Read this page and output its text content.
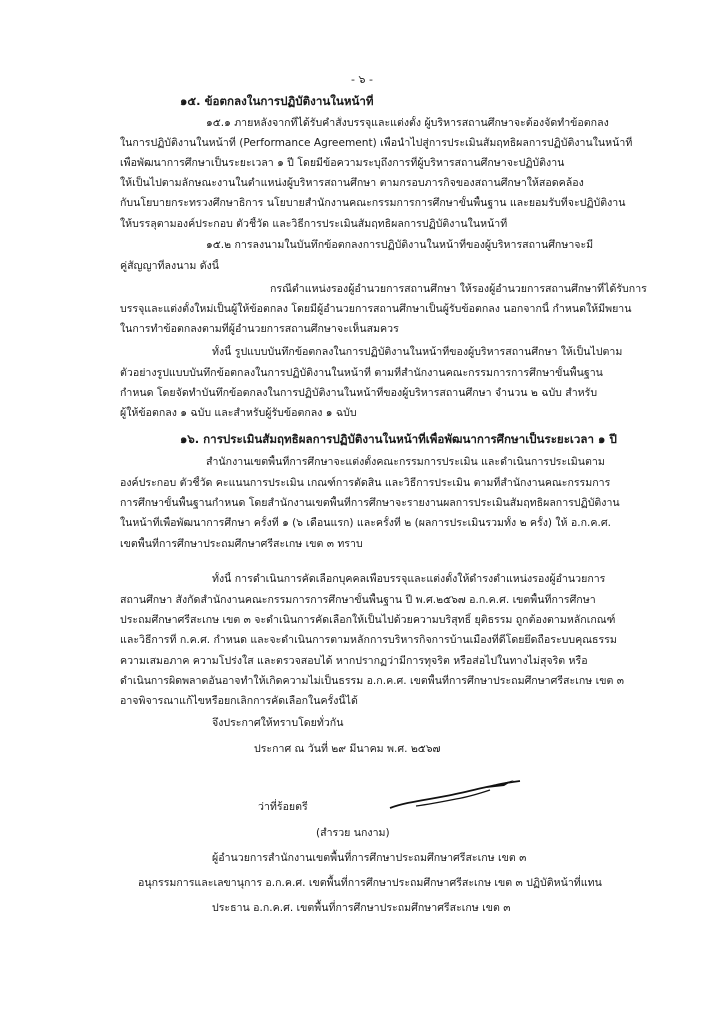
- ๖ -
๑๕. ข้อตกลงในการปฏิบัติงานในหน้าที่
๑๕.๑ ภายหลังจากที่ได้รับคำสั่งบรรจุและแต่งตั้ง ผู้บริหารสถานศึกษาจะต้องจัดทำข้อตกลง
ในการปฏิบัติงานในหน้าที่ (Performance Agreement) เพื่อนำไปสู่การประเมินสัมฤทธิผลการปฏิบัติงานในหน้าที่
เพื่อพัฒนาการศึกษาเป็นระยะเวลา ๑ ปี โดยมีข้อความระบุถึงการที่ผู้บริหารสถานศึกษาจะปฏิบัติงาน
ให้เป็นไปตามลักษณะงานในตำแหน่งผู้บริหารสถานศึกษา ตามกรอบภารกิจของสถานศึกษาให้สอดคล้อง
กับนโยบายกระทรวงศึกษาธิการ นโยบายสำนักงานคณะกรรมการการศึกษาขั้นพื้นฐาน และยอมรับที่จะปฏิบัติงาน
ให้บรรลุตามองค์ประกอบ ตัวชี้วัด และวิธีการประเมินสัมฤทธิผลการปฏิบัติงานในหน้าที่
๑๕.๒ การลงนามในบันทึกข้อตกลงการปฏิบัติงานในหน้าที่ของผู้บริหารสถานศึกษาจะมี
คู่สัญญาที่ลงนาม ดังนี้
กรณีตำแหน่งรองผู้อำนวยการสถานศึกษา ให้รองผู้อำนวยการสถานศึกษาที่ได้รับการ
บรรจุและแต่งตั้งใหม่เป็นผู้ให้ข้อตกลง โดยมีผู้อำนวยการสถานศึกษาเป็นผู้รับข้อตกลง นอกจากนี้ กำหนดให้มีพยาน
ในการทำข้อตกลงตามที่ผู้อำนวยการสถานศึกษาจะเห็นสมควร
ทั้งนี้ รูปแบบบันทึกข้อตกลงในการปฏิบัติงานในหน้าที่ของผู้บริหารสถานศึกษา ให้เป็นไปตาม
ตัวอย่างรูปแบบบันทึกข้อตกลงในการปฏิบัติงานในหน้าที่ ตามที่สำนักงานคณะกรรมการการศึกษาขั้นพื้นฐาน
กำหนด โดยจัดทำบันทึกข้อตกลงในการปฏิบัติงานในหน้าที่ของผู้บริหารสถานศึกษา จำนวน ๒ ฉบับ สำหรับ
ผู้ให้ข้อตกลง ๑ ฉบับ และสำหรับผู้รับข้อตกลง ๑ ฉบับ
๑๖. การประเมินสัมฤทธิผลการปฏิบัติงานในหน้าที่เพื่อพัฒนาการศึกษาเป็นระยะเวลา ๑ ปี
สำนักงานเขตพื้นที่การศึกษาจะแต่งตั้งคณะกรรมการประเมิน และดำเนินการประเมินตาม
องค์ประกอบ ตัวชี้วัด คะแนนการประเมิน เกณฑ์การตัดสิน และวิธีการประเมิน ตามที่สำนักงานคณะกรรมการ
การศึกษาขั้นพื้นฐานกำหนด โดยสำนักงานเขตพื้นที่การศึกษาจะรายงานผลการประเมินสัมฤทธิผลการปฏิบัติงาน
ในหน้าที่เพื่อพัฒนาการศึกษา ครั้งที่ ๑ (๖ เดือนแรก) และครั้งที่ ๒ (ผลการประเมินรวมทั้ง ๒ ครั้ง) ให้ อ.ก.ค.ศ.
เขตพื้นที่การศึกษาประถมศึกษาศรีสะเกษ เขต ๓ ทราบ
ทั้งนี้ การดำเนินการคัดเลือกบุคคลเพื่อบรรจุและแต่งตั้งให้ดำรงตำแหน่งรองผู้อำนวยการ
สถานศึกษา สังกัดสำนักงานคณะกรรมการการศึกษาขั้นพื้นฐาน ปี พ.ศ.๒๕๖๗ อ.ก.ค.ศ. เขตพื้นที่การศึกษา
ประถมศึกษาศรีสะเกษ เขต ๓ จะดำเนินการคัดเลือกให้เป็นไปด้วยความบริสุทธิ์ ยุติธรรม ถูกต้องตามหลักเกณฑ์
และวิธีการที่ ก.ค.ศ. กำหนด และจะดำเนินการตามหลักการบริหารกิจการบ้านเมืองที่ดีโดยยึดถือระบบคุณธรรม
ความเสมอภาค ความโปร่งใส และตรวจสอบได้ หากปรากฏว่ามีการทุจริต หรือส่อไปในทางไม่สุจริต หรือ
ดำเนินการผิดพลาดอันอาจทำให้เกิดความไม่เป็นธรรม อ.ก.ค.ศ. เขตพื้นที่การศึกษาประถมศึกษาศรีสะเกษ เขต ๓
อาจพิจารณาแก้ไขหรือยกเลิกการคัดเลือกในครั้งนี้ได้
จึงประกาศให้ทราบโดยทั่วกัน
ประกาศ ณ วันที่ ๒๙ มีนาคม พ.ศ. ๒๕๖๗
ว่าที่ร้อยตรี
(สำรวย นกงาม)
ผู้อำนวยการสำนักงานเขตพื้นที่การศึกษาประถมศึกษาศรีสะเกษ เขต ๓
อนุกรรมการและเลขานุการ อ.ก.ค.ศ. เขตพื้นที่การศึกษาประถมศึกษาศรีสะเกษ เขต ๓ ปฏิบัติหน้าที่แทน
ประธาน อ.ก.ค.ศ. เขตพื้นที่การศึกษาประถมศึกษาศรีสะเกษ เขต ๓
